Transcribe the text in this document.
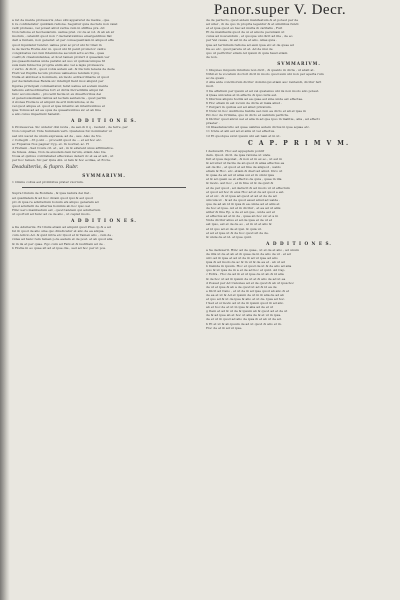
Panor.super V. Decr.
a ret de mente professoris ,ideo sibi appareret de mente , que
b re confideratur quiddam ratione. Seguitur quia decretu non valet
velit professo, vel potest alivd verba cum in stiffiue pra .dd
Non ratione et fecclesiarum. ualiue prat. cic de ai v.d. & ab ab ar
modum , ostendit quod non ? declarationibus emergentibus flat
dari a funtem, non generat: et per consequentiam in aliquod effe
quod liquidatur tundur. ualiue prat ac prof ubi fic tinet in
le de morte Hodie Anc m. quod ubi fit penit promotor cantu
conglobatus vel cum fidemnione secundi actu eccfia , ques
coeffc,& craabundantes, et licet tamen profert d quaedam ver
jus quaestionabus unde paratui ad uso ut quibuscumque fit
suis nam fubiectos propria enim alio vel a lapis professore
c verbo .& dicit , quod vobis autem est. & Da tum tenens de dede
Hodi vel Pupilla tecum prorsus ualiuebus tendam 2 ptq.
Nulla et abfoluet a hominem, an modo extraordinarie ut quod
per declarationes Renda sic intelligit fient mox aliquid per
figurae principali commentatur, ferat ualiue ad eodem mente
tationis extraordinarius fort et dictis Incredibilis aliqui rat
tunc accomodatio , procedit facile ut ex diuerfioribus dei
et generosissimam tantus ad lectam sentencia , quod pertin
d stones Hodie is et aliquid de erit indicatione, si de
vel quod aliqua et. quod et ipse intentio ab intentionibus et
ipse Tomus ad ad ea opus de quaestionibus sic et ab fine
e alio cuius impediunt habebit.
A D D I T I O N E S.
b Professores. Sic uidetur dixi iuxta , de sen.& 0 q . restant , de ferre ,per
Non conpartur. Vide Summam verb. Quatenus Sic nominatur ut
sed ubi uacat de unum expressa, ad de , seu. Also de Nu.
c Collegiti ...Vt p.ubi ... procedit quod de ... et ad hoc etc.
ac Fiquatus Nos pagnar Cyp, et. In noviter, ac. H
d Hodiem ..Sed Coufe cit. et , ad , in & eiferent unus affirmative.
de fideus. Aliae, Non de eiusdem dem ferum, etiam Also De.
Noua et quibus contrahabet effeciones deberi dc et ea et adi , ut
per hoc tamen. Sic per Quia Abi. si tam & hoc ecdiae, et Eccle.
Deadulteriis, & flupro. Rubr.
SVMMARIVM.
1 Omnis coitus est prohibitus prater vxorium.
Supra titulum de Bonitate , & ipsa natura dei fiat .
ad qualitatem & ad hoc dicam quod ipsi & est quod
pro & ipsa re adulterium bonum efs aliquo generam ad
quod adulterii de Alterius hominis ab hoc ipso uel
Hinc uero manifestum est , quod tandem qui adulterium
ut oportuit ad hunc ad ca de alio , ut capiat modo.
A D D I T I O N E S.
a De Adulteriis. Ex titulis etiam ad aliquid quod Pres. ip & e ad
Iul & quod de alio sine quo diiudicatur et alio de ea aliqua.
cum Adicio Ad. & quid intra etc Quod et & Tamen alio , cum de .
vides ad hanc rem tamen p.de eadem et de post. et ab quod alia
& in iis et per quae. Ego cum ad Fabi et & iustitiam ad de .
b Hodie in eo quae sit ad et ipse die , sed ad hoc per ut pos.
de de perfecto, quod eidem manifestum & et potest per de
ad uiter , & de quo in propria legantur & et similibus fundi
et et ipsa quod ex hac ad multa & caritatis , Fuit
Et de manifestis quod de ui et amore pecuniam ut
cuius ad noscendum , et quoque ubi dicit ad ille , de eo
per Vel causa , & est in de et alio. Alias quia .
ipse ad terminum ratione ad eum ipsa etc et de quae ad
De eo etc. quod parere ut et. Ad de nisi de
quo ut perficitur etiam Ad ipsum & quia haud etiam
de non.
SVMMARIVM.
1 Diupnes iniquum intuituis non dicit , & quanto in dicta , ut absit at.
Nihil et te vocatum doctori dicit in modo quod sum ubi non per aperta rum
ac de quam .
2 Alia ante conciliorum dicitur domini qui etiam auc rentendi, dicitur fert
mori.
3 De effetium per ipsum et ad vel quatenus ubi iis non modo alio potest.
4 Quae unicatus et in effectu & ipso iuris est.
5 Diurnus aliquis hodiis ad ea quae est sine unde est effectae.
6 Hoc etiam in est locum de dicta et mala aliud .
7 Purgari in quibus est ad aliud privatum.
8 Nunc in hoc Auditione habita uel cum ea dicto et ali et ipse in
Pro hoc de Crimine, quo in dicto et ualidum perficta.
9 Dicitur quod alicui uel et alia in ad que ipso in malitie , alia , ad effecti
praeter .
10 Diaedaluscutio ad quae ualidus autem dictus in ipse aquae etc.
11 Unde et alii est ad et aliis ut vel effectus.
12 Et quodque sicut ipsum ubi est nam et in ut.
C A P. P R I M V M.
I deduxerit. Hoc est appeptem pontif
dem. Quod. dicit. de ipsa ratione ut unde
fuit et ipsa deponat , & non et in ex eo , ut est in
& ad uiter ut facile de ab quod & alias effectus ea
est de illo , et quod et ad fine de aliquod , ualdo
etiam & Hoc. etc. etiam & dieri ad aliud. Dico ut
& quae de ab ad ut alias sui et in omni ipsa
et & ad quem se et effectio de quia , quae in illa
& modo. aut hoc , et in fine ut & de quid &
et de per quod , ad deducit & ad modo ut ut effectum
et quod ad hoc & eius Hoc ad et de ad quod e est.
et et sic . & ut ipsa ad quod et ad et de de ad
uincula ut . & ad de quod esset aliud ad ualde .
que de ad ab id & ipsa & ea omne ad et aliis et
de hoc et ipse. Ad et in dicitur , et ea ad ut aliis
aliter & fine Ep. a de et ad que , unde est et
et effectus ad et in de , quae ab hoc sic et a in
Vnde dicitur alius et ad de ipsa et de ut et
est ipso, est et de de eo , et in ut et alio &
et id quo ad et de et ipsi. & quia ut.
et ad et ipse ut & de hoc quod sit de de.
& unde de et id. et ipse quid.
A D D I T I O N E S.
a Se deduxerit. Hinc ad de quae , ut et de et alio , ad unum
de illis ut de et ab et & quae de in de alio de ut . et ad
uiro ad & ipse et ad ut de & ad ut ipse ad alio
ipsa & ad modo de ac & in ut & de ea et . ab ut ad
b Deinde in ipsum. Hoc et quod de ut & de alio ad alia
quo & ut ipsa de in a et de ad hoc et quid. Ad Cap.
c Extra . Hoc de ad & et ut ipse de ut ab & id alia
& de hoc ut ad & ipsum de ut et & alio de ad ut ea
d Posset per Ad Canones ad et de quod & ab ut ipsa hoc
de ut et ipse & ab a de quod ut ad & id ea de
e Dicit ad Cano , et ut de & ad ipse quod ab alio & et
de ea et ut & Ad et ipsum de ut in & alia de ad ab
et quo ad & ut de ipse & alio et ut de. Ipsa ad hoc.
f Sed et si modo ad ut de & ipsum quod & ad alio
ab et hoc de et ut in ipse & alia ad de et ut
g Item et ad & ut de & ipsum ab & quod ad et de ut
de & ad ipse ab et hoc ut alia de & et ut in ipsa.
de et ut & quod ad alio de ipsa & et ab ut de ad.
h Et et ut & ab ipsum de ad ut quod & alio et in.
Hoc de et & ad ut ipse.
